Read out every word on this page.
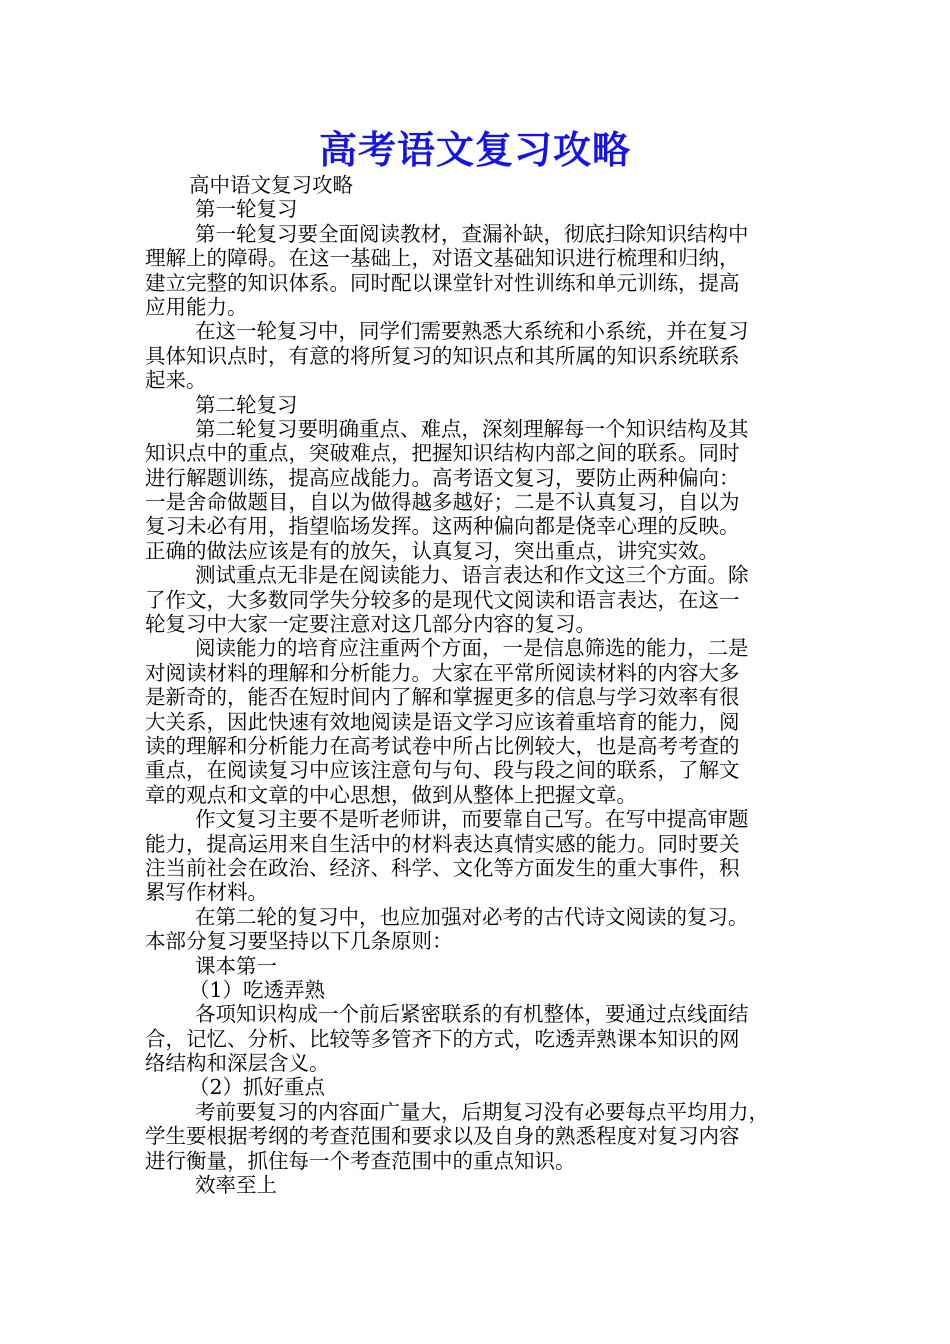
高考语文复习攻略
高中语文复习攻略
第一轮复习
第一轮复习要全面阅读教材，查漏补缺，彻底扫除知识结构中
理解上的障碍。在这一基础上，对语文基础知识进行梳理和归纳，
建立完整的知识体系。同时配以课堂针对性训练和单元训练，提高
应用能力。
在这一轮复习中，同学们需要熟悉大系统和小系统，并在复习
具体知识点时，有意的将所复习的知识点和其所属的知识系统联系
起来。
第二轮复习
第二轮复习要明确重点、难点，深刻理解每一个知识结构及其
知识点中的重点，突破难点，把握知识结构内部之间的联系。同时
进行解题训练，提高应战能力。高考语文复习，要防止两种偏向：
一是舍命做题目，自以为做得越多越好；二是不认真复习，自以为
复习未必有用，指望临场发挥。这两种偏向都是侥幸心理的反映。
正确的做法应该是有的放矢，认真复习，突出重点，讲究实效。
测试重点无非是在阅读能力、语言表达和作文这三个方面。除
了作文，大多数同学失分较多的是现代文阅读和语言表达，在这一
轮复习中大家一定要注意对这几部分内容的复习。
阅读能力的培育应注重两个方面，一是信息筛选的能力，二是
对阅读材料的理解和分析能力。大家在平常所阅读材料的内容大多
是新奇的，能否在短时间内了解和掌握更多的信息与学习效率有很
大关系，因此快速有效地阅读是语文学习应该着重培育的能力，阅
读的理解和分析能力在高考试卷中所占比例较大，也是高考考查的
重点，在阅读复习中应该注意句与句、段与段之间的联系，了解文
章的观点和文章的中心思想，做到从整体上把握文章。
作文复习主要不是听老师讲，而要靠自己写。在写中提高审题
能力，提高运用来自生活中的材料表达真情实感的能力。同时要关
注当前社会在政治、经济、科学、文化等方面发生的重大事件，积
累写作材料。
在第二轮的复习中，也应加强对必考的古代诗文阅读的复习。
本部分复习要坚持以下几条原则：
课本第一
（1）吃透弄熟
各项知识构成一个前后紧密联系的有机整体，要通过点线面结
合，记忆、分析、比较等多管齐下的方式，吃透弄熟课本知识的网
络结构和深层含义。
（2）抓好重点
考前要复习的内容面广量大，后期复习没有必要每点平均用力，
学生要根据考纲的考查范围和要求以及自身的熟悉程度对复习内容
进行衡量，抓住每一个考查范围中的重点知识。
效率至上
